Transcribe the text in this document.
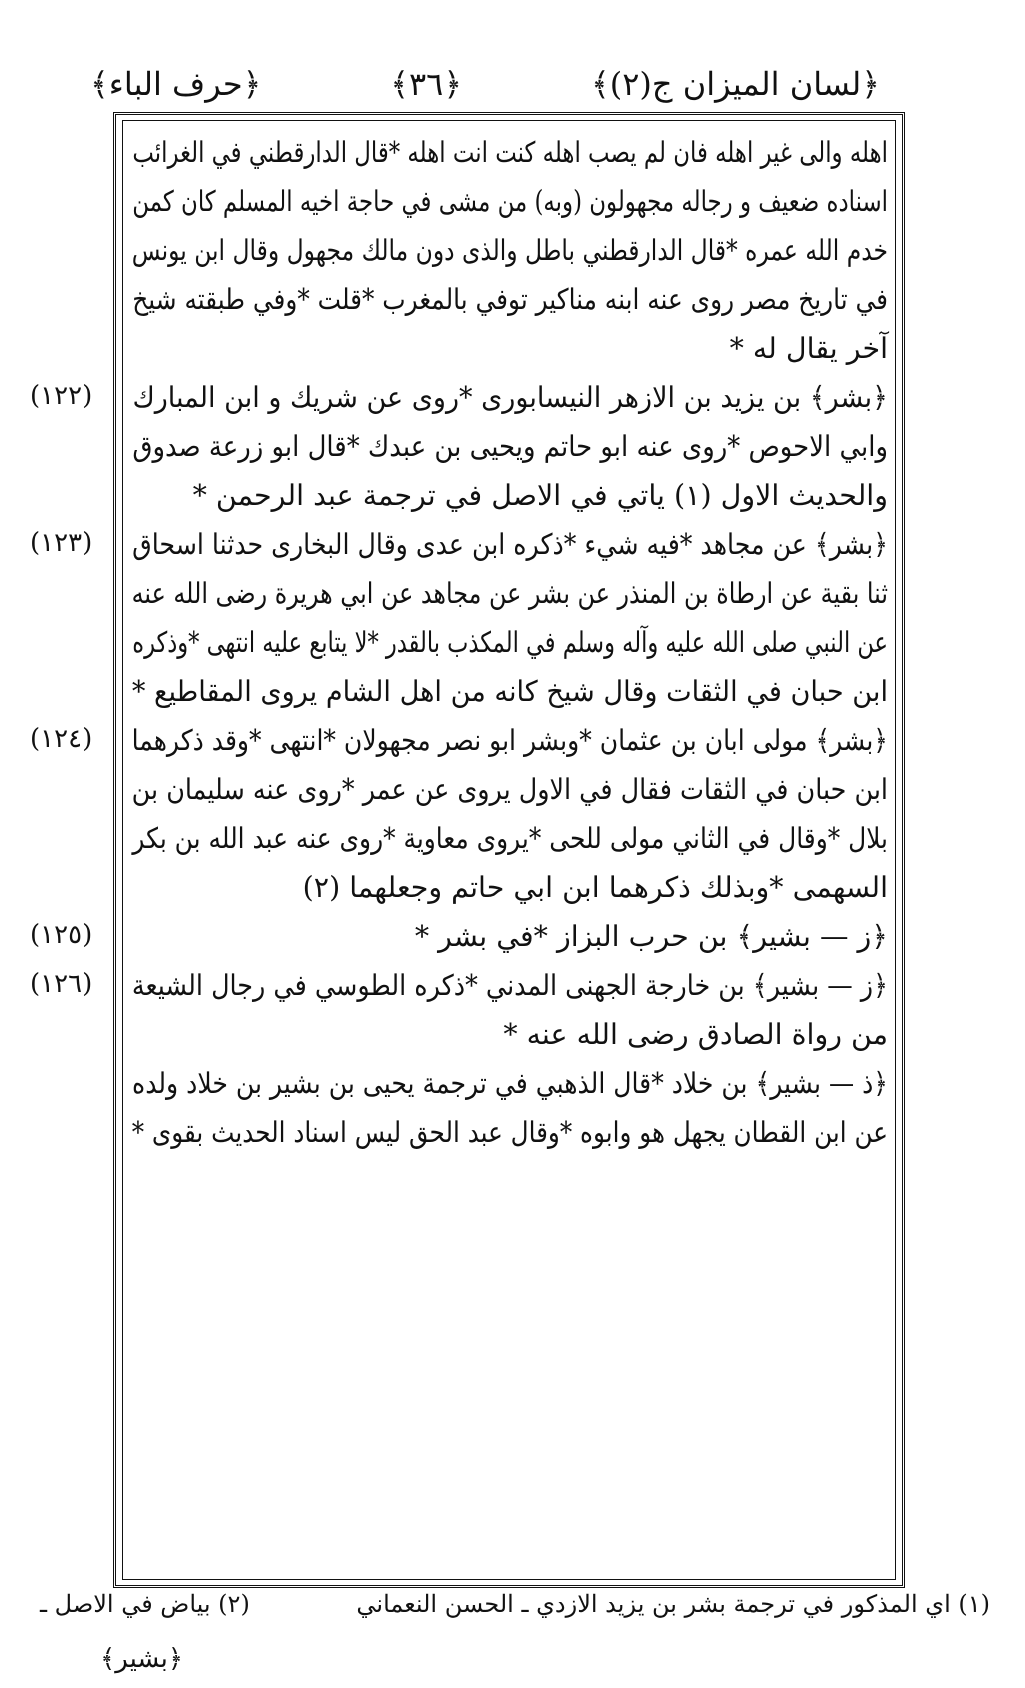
﴿لسان الميزان ج(٢)﴾
﴿٣٦﴾
﴿حرف الباء﴾
اهله والى غير اهله فان لم يصب اهله كنت انت اهله *قال الدارقطني في الغرائب
اسناده ضعيف و رجاله مجهولون (وبه) من مشى في حاجة اخيه المسلم كان كمن
خدم الله عمره *قال الدارقطني باطل والذى دون مالك مجهول وقال ابن يونس
في تاريخ مصر روى عنه ابنه مناكير توفي بالمغرب *قلت *وفي طبقته شيخ
آخر يقال له *
﴿بشر﴾ بن يزيد بن الازهر النيسابورى *روى عن شريك و ابن المبارك
وابي الاحوص *روى عنه ابو حاتم ويحيى بن عبدك *قال ابو زرعة صدوق
والحديث الاول (١) ياتي في الاصل في ترجمة عبد الرحمن *
﴿بشر﴾ عن مجاهد *فيه شيء *ذكره ابن عدى وقال البخارى حدثنا اسحاق
ثنا بقية عن ارطاة بن المنذر عن بشر عن مجاهد عن ابي هريرة رضى الله عنه
عن النبي صلى الله عليه وآله وسلم في المكذب بالقدر *لا يتابع عليه انتهى *وذكره
ابن حبان في الثقات وقال شيخ كانه من اهل الشام يروى المقاطيع *
﴿بشر﴾ مولى ابان بن عثمان *وبشر ابو نصر مجهولان *انتهى *وقد ذكرهما
ابن حبان في الثقات فقال في الاول يروى عن عمر *روى عنه سليمان بن
بلال *وقال في الثاني مولى للحى *يروى معاوية *روى عنه عبد الله بن بكر
السهمى *وبذلك ذكرهما ابن ابي حاتم وجعلهما (٢)
﴿ز — بشير﴾ بن حرب البزاز *في بشر *
﴿ز — بشير﴾ بن خارجة الجهنى المدني *ذكره الطوسي في رجال الشيعة
من رواة الصادق رضى الله عنه *
﴿ذ — بشير﴾ بن خلاد *قال الذهبي في ترجمة يحيى بن بشير بن خلاد ولده
عن ابن القطان يجهل هو وابوه *وقال عبد الحق ليس اسناد الحديث بقوى *
(١٢٢)
(١٢٣)
(١٢٤)
(١٢٥)
(١٢٦)
(١) اي المذكور في ترجمة بشر بن يزيد الازدي ـ الحسن النعماني
(٢) بياض في الاصل ـ
﴿بشير﴾
